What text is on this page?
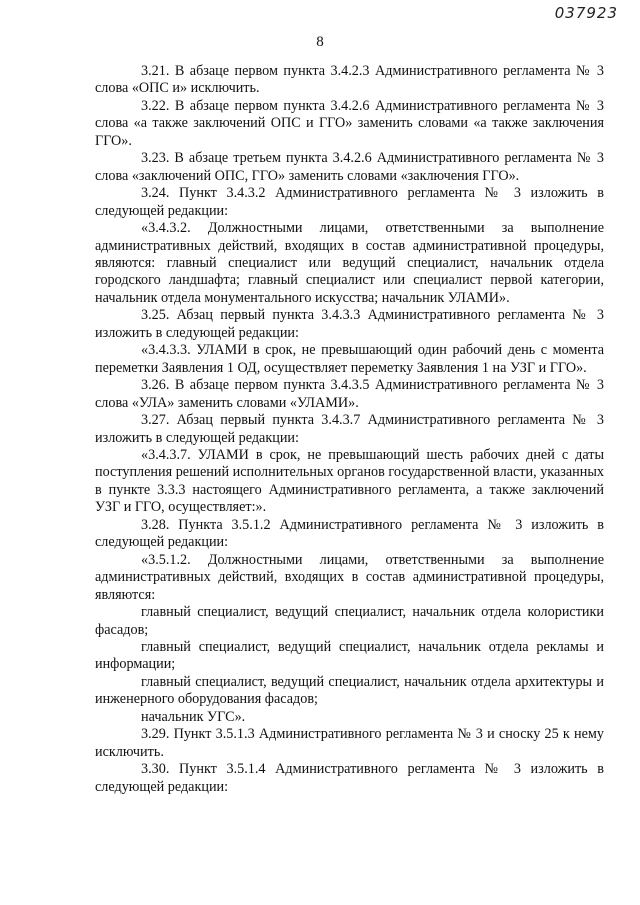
037923
8

3.21. В абзаце первом пункта 3.4.2.3 Административного регламента № 3 слова «ОПС и» исключить.

3.22. В абзаце первом пункта 3.4.2.6 Административного регламента № 3 слова «а также заключений ОПС и ГГО» заменить словами «а также заключения ГГО».

3.23. В абзаце третьем пункта 3.4.2.6 Административного регламента № 3 слова «заключений ОПС, ГГО» заменить словами «заключения ГГО».

3.24. Пункт 3.4.3.2 Административного регламента № 3 изложить в следующей редакции:

«3.4.3.2. Должностными лицами, ответственными за выполнение административных действий, входящих в состав административной процедуры, являются: главный специалист или ведущий специалист, начальник отдела городского ландшафта; главный специалист или специалист первой категории, начальник отдела монументального искусства; начальник УЛАМИ».

3.25. Абзац первый пункта 3.4.3.3 Административного регламента № 3 изложить в следующей редакции:

«3.4.3.3. УЛАМИ в срок, не превышающий один рабочий день с момента переметки Заявления 1 ОД, осуществляет переметку Заявления 1 на УЗГ и ГГО».

3.26. В абзаце первом пункта 3.4.3.5 Административного регламента № 3 слова «УЛА» заменить словами «УЛАМИ».

3.27. Абзац первый пункта 3.4.3.7 Административного регламента № 3 изложить в следующей редакции:

«3.4.3.7. УЛАМИ в срок, не превышающий шесть рабочих дней с даты поступления решений исполнительных органов государственной власти, указанных в пункте 3.3.3 настоящего Административного регламента, а также заключений УЗГ и ГГО, осуществляет:».

3.28. Пункта 3.5.1.2 Административного регламента № 3 изложить в следующей редакции:

«3.5.1.2. Должностными лицами, ответственными за выполнение административных действий, входящих в состав административной процедуры, являются:

главный специалист, ведущий специалист, начальник отдела колористики фасадов;

главный специалист, ведущий специалист, начальник отдела рекламы и информации;

главный специалист, ведущий специалист, начальник отдела архитектуры и инженерного оборудования фасадов;

начальник УГС».

3.29. Пункт 3.5.1.3 Административного регламента № 3 и сноску 25 к нему исключить.

3.30. Пункт 3.5.1.4 Административного регламента № 3 изложить в следующей редакции:
